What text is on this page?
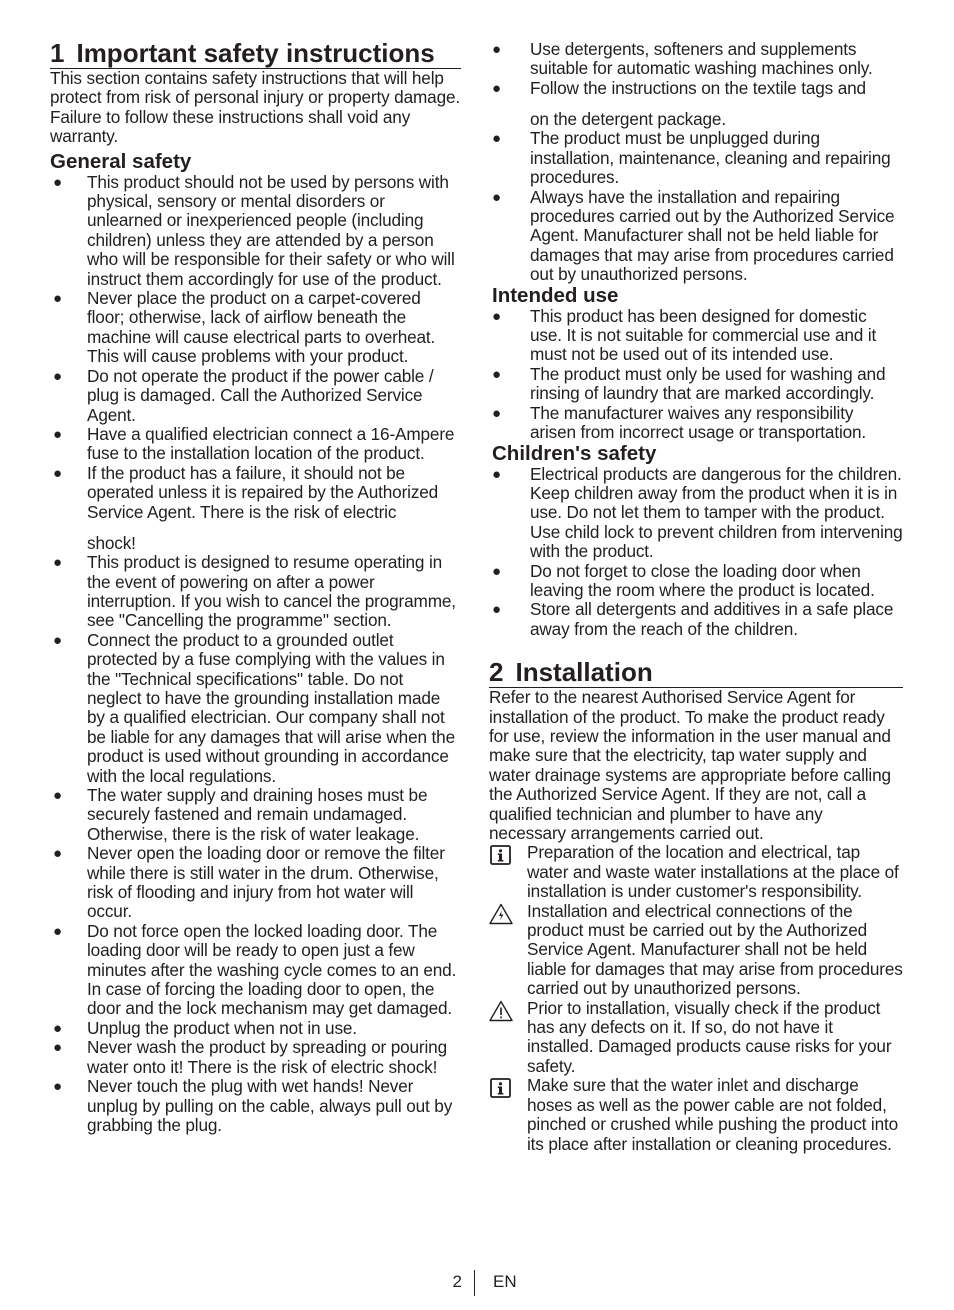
1 Important safety instructions

This section contains safety instructions that will help protect from risk of personal injury or property damage. Failure to follow these instructions shall void any warranty.

General safety
● This product should not be used by persons with physical, sensory or mental disorders or unlearned or inexperienced people (including children) unless they are attended by a person who will be responsible for their safety or who will instruct them accordingly for use of the product.
● Never place the product on a carpet-covered floor; otherwise, lack of airflow beneath the machine will cause electrical parts to overheat. This will cause problems with your product.
● Do not operate the product if the power cable / plug is damaged. Call the Authorized Service Agent.
● Have a qualified electrician connect a 16-Ampere fuse to the installation location of the product.
● If the product has a failure, it should not be operated unless it is repaired by the Authorized Service Agent. There is the risk of electric

shock!
● This product is designed to resume operating in the event of powering on after a power interruption. If you wish to cancel the programme, see "Cancelling the programme" section.
● Connect the product to a grounded outlet protected by a fuse complying with the values in the "Technical specifications" table. Do not neglect to have the grounding installation made by a qualified electrician. Our company shall not be liable for any damages that will arise when the product is used without grounding in accordance with the local regulations.
● The water supply and draining hoses must be securely fastened and remain undamaged. Otherwise, there is the risk of water leakage.
● Never open the loading door or remove the filter while there is still water in the drum. Otherwise, risk of flooding and injury from hot water will occur.
● Do not force open the locked loading door. The loading door will be ready to open just a few minutes after the washing cycle comes to an end. In case of forcing the loading door to open, the door and the lock mechanism may get damaged.
● Unplug the product when not in use.
● Never wash the product by spreading or pouring water onto it! There is the risk of electric shock!
● Never touch the plug with wet hands! Never unplug by pulling on the cable, always pull out by grabbing the plug.
● Use detergents, softeners and supplements suitable for automatic washing machines only.
● Follow the instructions on the textile tags and

on the detergent package.
● The product must be unplugged during installation, maintenance, cleaning and repairing procedures.
● Always have the installation and repairing procedures carried out by the Authorized Service Agent. Manufacturer shall not be held liable for damages that may arise from procedures carried out by unauthorized persons.
Intended use
● This product has been designed for domestic use. It is not suitable for commercial use and it must not be used out of its intended use.
● The product must only be used for washing and rinsing of laundry that are marked accordingly.
● The manufacturer waives any responsibility arisen from incorrect usage or transportation.
Children's safety
● Electrical products are dangerous for the children. Keep children away from the product when it is in use. Do not let them to tamper with the product. Use child lock to prevent children from intervening with the product.
● Do not forget to close the loading door when leaving the room where the product is located.
● Store all detergents and additives in a safe place away from the reach of the children.
2 Installation

Refer to the nearest Authorised Service Agent for installation of the product. To make the product ready for use, review the information in the user manual and make sure that the electricity, tap water supply and water drainage systems are appropriate before calling the Authorized Service Agent. If they are not, call a qualified technician and plumber to have any necessary arrangements carried out.

Preparation of the location and electrical, tap water and waste water installations at the place of installation is under customer's responsibility.
Installation and electrical connections of the product must be carried out by the Authorized Service Agent. Manufacturer shall not be held liable for damages that may arise from procedures carried out by unauthorized persons.
Prior to installation, visually check if the product has any defects on it. If so, do not have it installed. Damaged products cause risks for your safety.
Make sure that the water inlet and discharge hoses as well as the power cable are not folded, pinched or crushed while pushing the product into its place after installation or cleaning procedures.
2 EN
